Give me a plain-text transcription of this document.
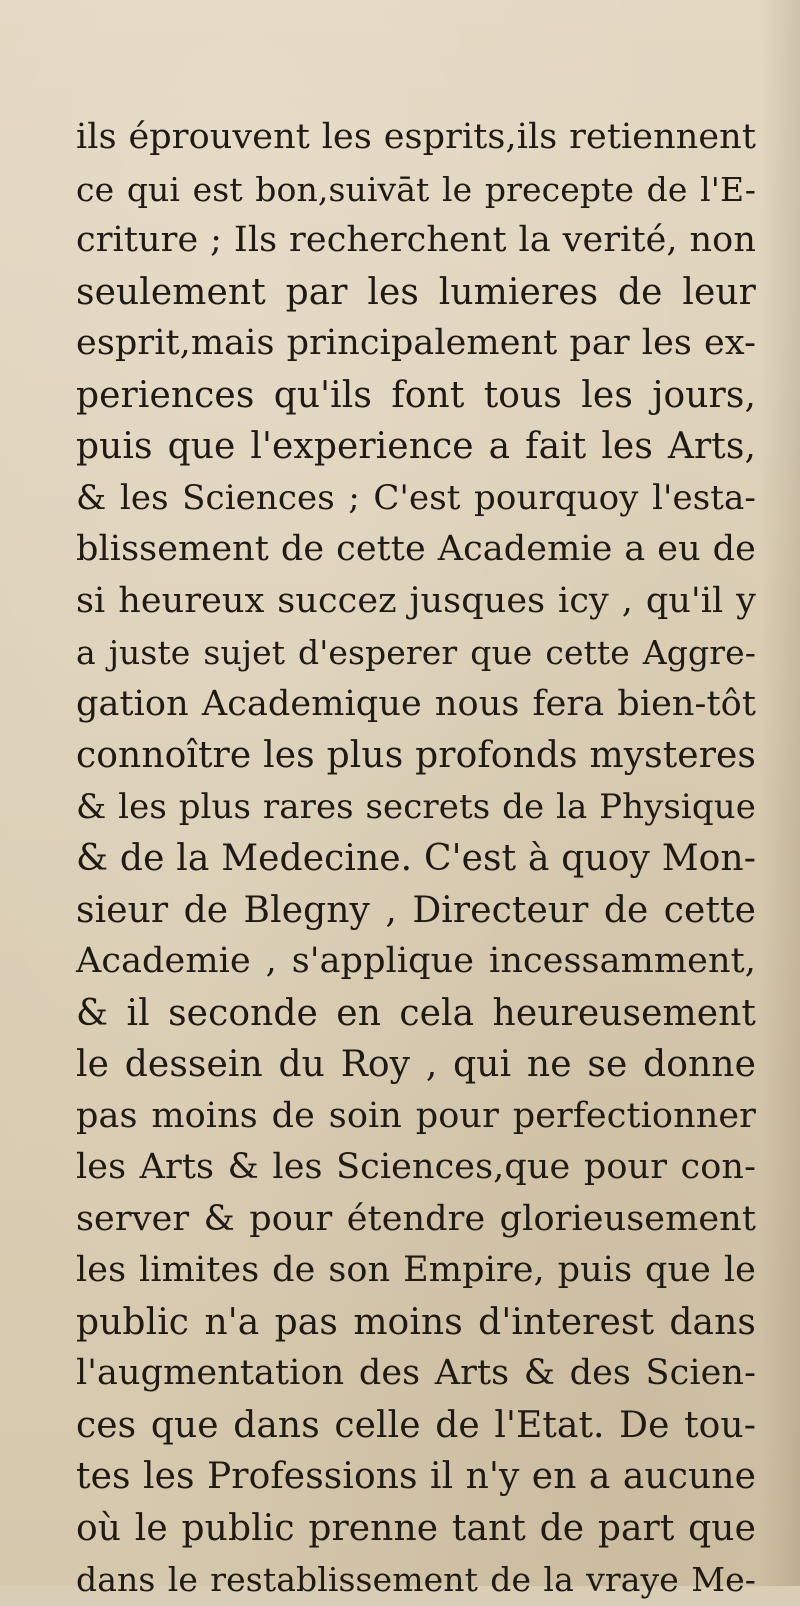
ils éprouvent les esprits,ils retiennent
ce qui est bon,suivāt le precepte de l'E-
criture ; Ils recherchent la verité, non
seulement par les lumieres de leur
esprit,mais principalement par les ex-
periences qu'ils font tous les jours,
puis que l'experience a fait les Arts,
& les Sciences ; C'est pourquoy l'esta-
blissement de cette Academie a eu de
si heureux succez jusques icy , qu'il y
a juste sujet d'esperer que cette Aggre-
gation Academique nous fera bien-tôt
connoître les plus profonds mysteres
& les plus rares secrets de la Physique
& de la Medecine. C'est à quoy Mon-
sieur de Blegny , Directeur de cette
Academie , s'applique incessamment,
& il seconde en cela heureusement
le dessein du Roy , qui ne se donne
pas moins de soin pour perfectionner
les Arts & les Sciences,que pour con-
server & pour étendre glorieusement
les limites de son Empire, puis que le
public n'a pas moins d'interest dans
l'augmentation des Arts & des Scien-
ces que dans celle de l'Etat. De tou-
tes les Professions il n'y en a aucune
où le public prenne tant de part que
dans le restablissement de la vraye Me-
